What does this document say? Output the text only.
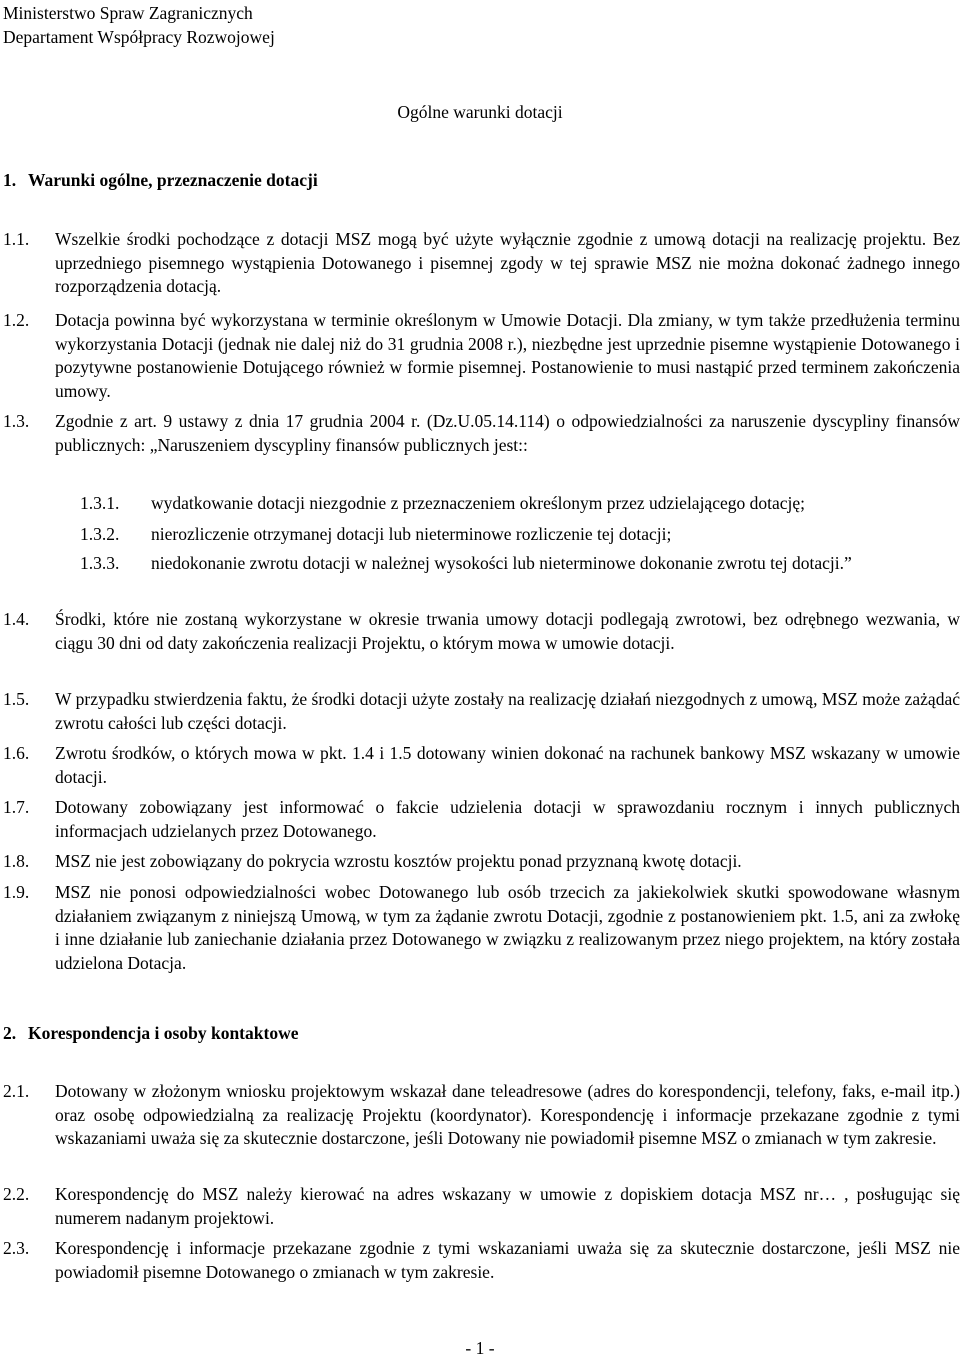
Ministerstwo Spraw Zagranicznych
Departament Współpracy Rozwojowej
Ogólne warunki dotacji
1. Warunki ogólne, przeznaczenie dotacji
1.1. Wszelkie środki pochodzące z dotacji MSZ mogą być użyte wyłącznie zgodnie z umową dotacji na realizację projektu. Bez uprzedniego pisemnego wystąpienia Dotowanego i pisemnej zgody w tej sprawie MSZ nie można dokonać żadnego innego rozporządzenia dotacją.
1.2. Dotacja powinna być wykorzystana w terminie określonym w Umowie Dotacji. Dla zmiany, w tym także przedłużenia terminu wykorzystania Dotacji (jednak nie dalej niż do 31 grudnia 2008 r.), niezbędne jest uprzednie pisemne wystąpienie Dotowanego i pozytywne postanowienie Dotującego również w formie pisemnej. Postanowienie to musi nastąpić przed terminem zakończenia umowy.
1.3. Zgodnie z art. 9 ustawy z dnia 17 grudnia 2004 r. (Dz.U.05.14.114) o odpowiedzialności za naruszenie dyscypliny finansów publicznych: „Naruszeniem dyscypliny finansów publicznych jest::
1.3.1. wydatkowanie dotacji niezgodnie z przeznaczeniem określonym przez udzielającego dotację;
1.3.2. nierozliczenie otrzymanej dotacji lub nieterminowe rozliczenie tej dotacji;
1.3.3. niedokonanie zwrotu dotacji w należnej wysokości lub nieterminowe dokonanie zwrotu tej dotacji.”
1.4. Środki, które nie zostaną wykorzystane w okresie trwania umowy dotacji podlegają zwrotowi, bez odrębnego wezwania, w ciągu 30 dni od daty zakończenia realizacji Projektu, o którym mowa w umowie dotacji.
1.5. W przypadku stwierdzenia faktu, że środki dotacji użyte zostały na realizację działań niezgodnych z umową, MSZ może zażądać zwrotu całości lub części dotacji.
1.6. Zwrotu środków, o których mowa w pkt. 1.4 i 1.5 dotowany winien dokonać na rachunek bankowy MSZ wskazany w umowie dotacji.
1.7. Dotowany zobowiązany jest informować o fakcie udzielenia dotacji w sprawozdaniu rocznym i innych publicznych informacjach udzielanych przez Dotowanego.
1.8. MSZ nie jest zobowiązany do pokrycia wzrostu kosztów projektu ponad przyznaną kwotę dotacji.
1.9. MSZ nie ponosi odpowiedzialności wobec Dotowanego lub osób trzecich za jakiekolwiek skutki spowodowane własnym działaniem związanym z niniejszą Umową, w tym za żądanie zwrotu Dotacji, zgodnie z postanowieniem pkt. 1.5, ani za zwłokę i inne działanie lub zaniechanie działania przez Dotowanego w związku z realizowanym przez niego projektem, na który została udzielona Dotacja.
2. Korespondencja i osoby kontaktowe
2.1. Dotowany w złożonym wniosku projektowym wskazał dane teleadresowe (adres do korespondencji, telefony, faks, e-mail itp.) oraz osobę odpowiedzialną za realizację Projektu (koordynator). Korespondencję i informacje przekazane zgodnie z tymi wskazaniami uważa się za skutecznie dostarczone, jeśli Dotowany nie powiadomił pisemne MSZ o zmianach w tym zakresie.
2.2. Korespondencję do MSZ należy kierować na adres wskazany w umowie z dopiskiem dotacja MSZ nr… , posługując się numerem nadanym projektowi.
2.3. Korespondencję i informacje przekazane zgodnie z tymi wskazaniami uważa się za skutecznie dostarczone, jeśli MSZ nie powiadomił pisemne Dotowanego o zmianach w tym zakresie.
- 1 -
